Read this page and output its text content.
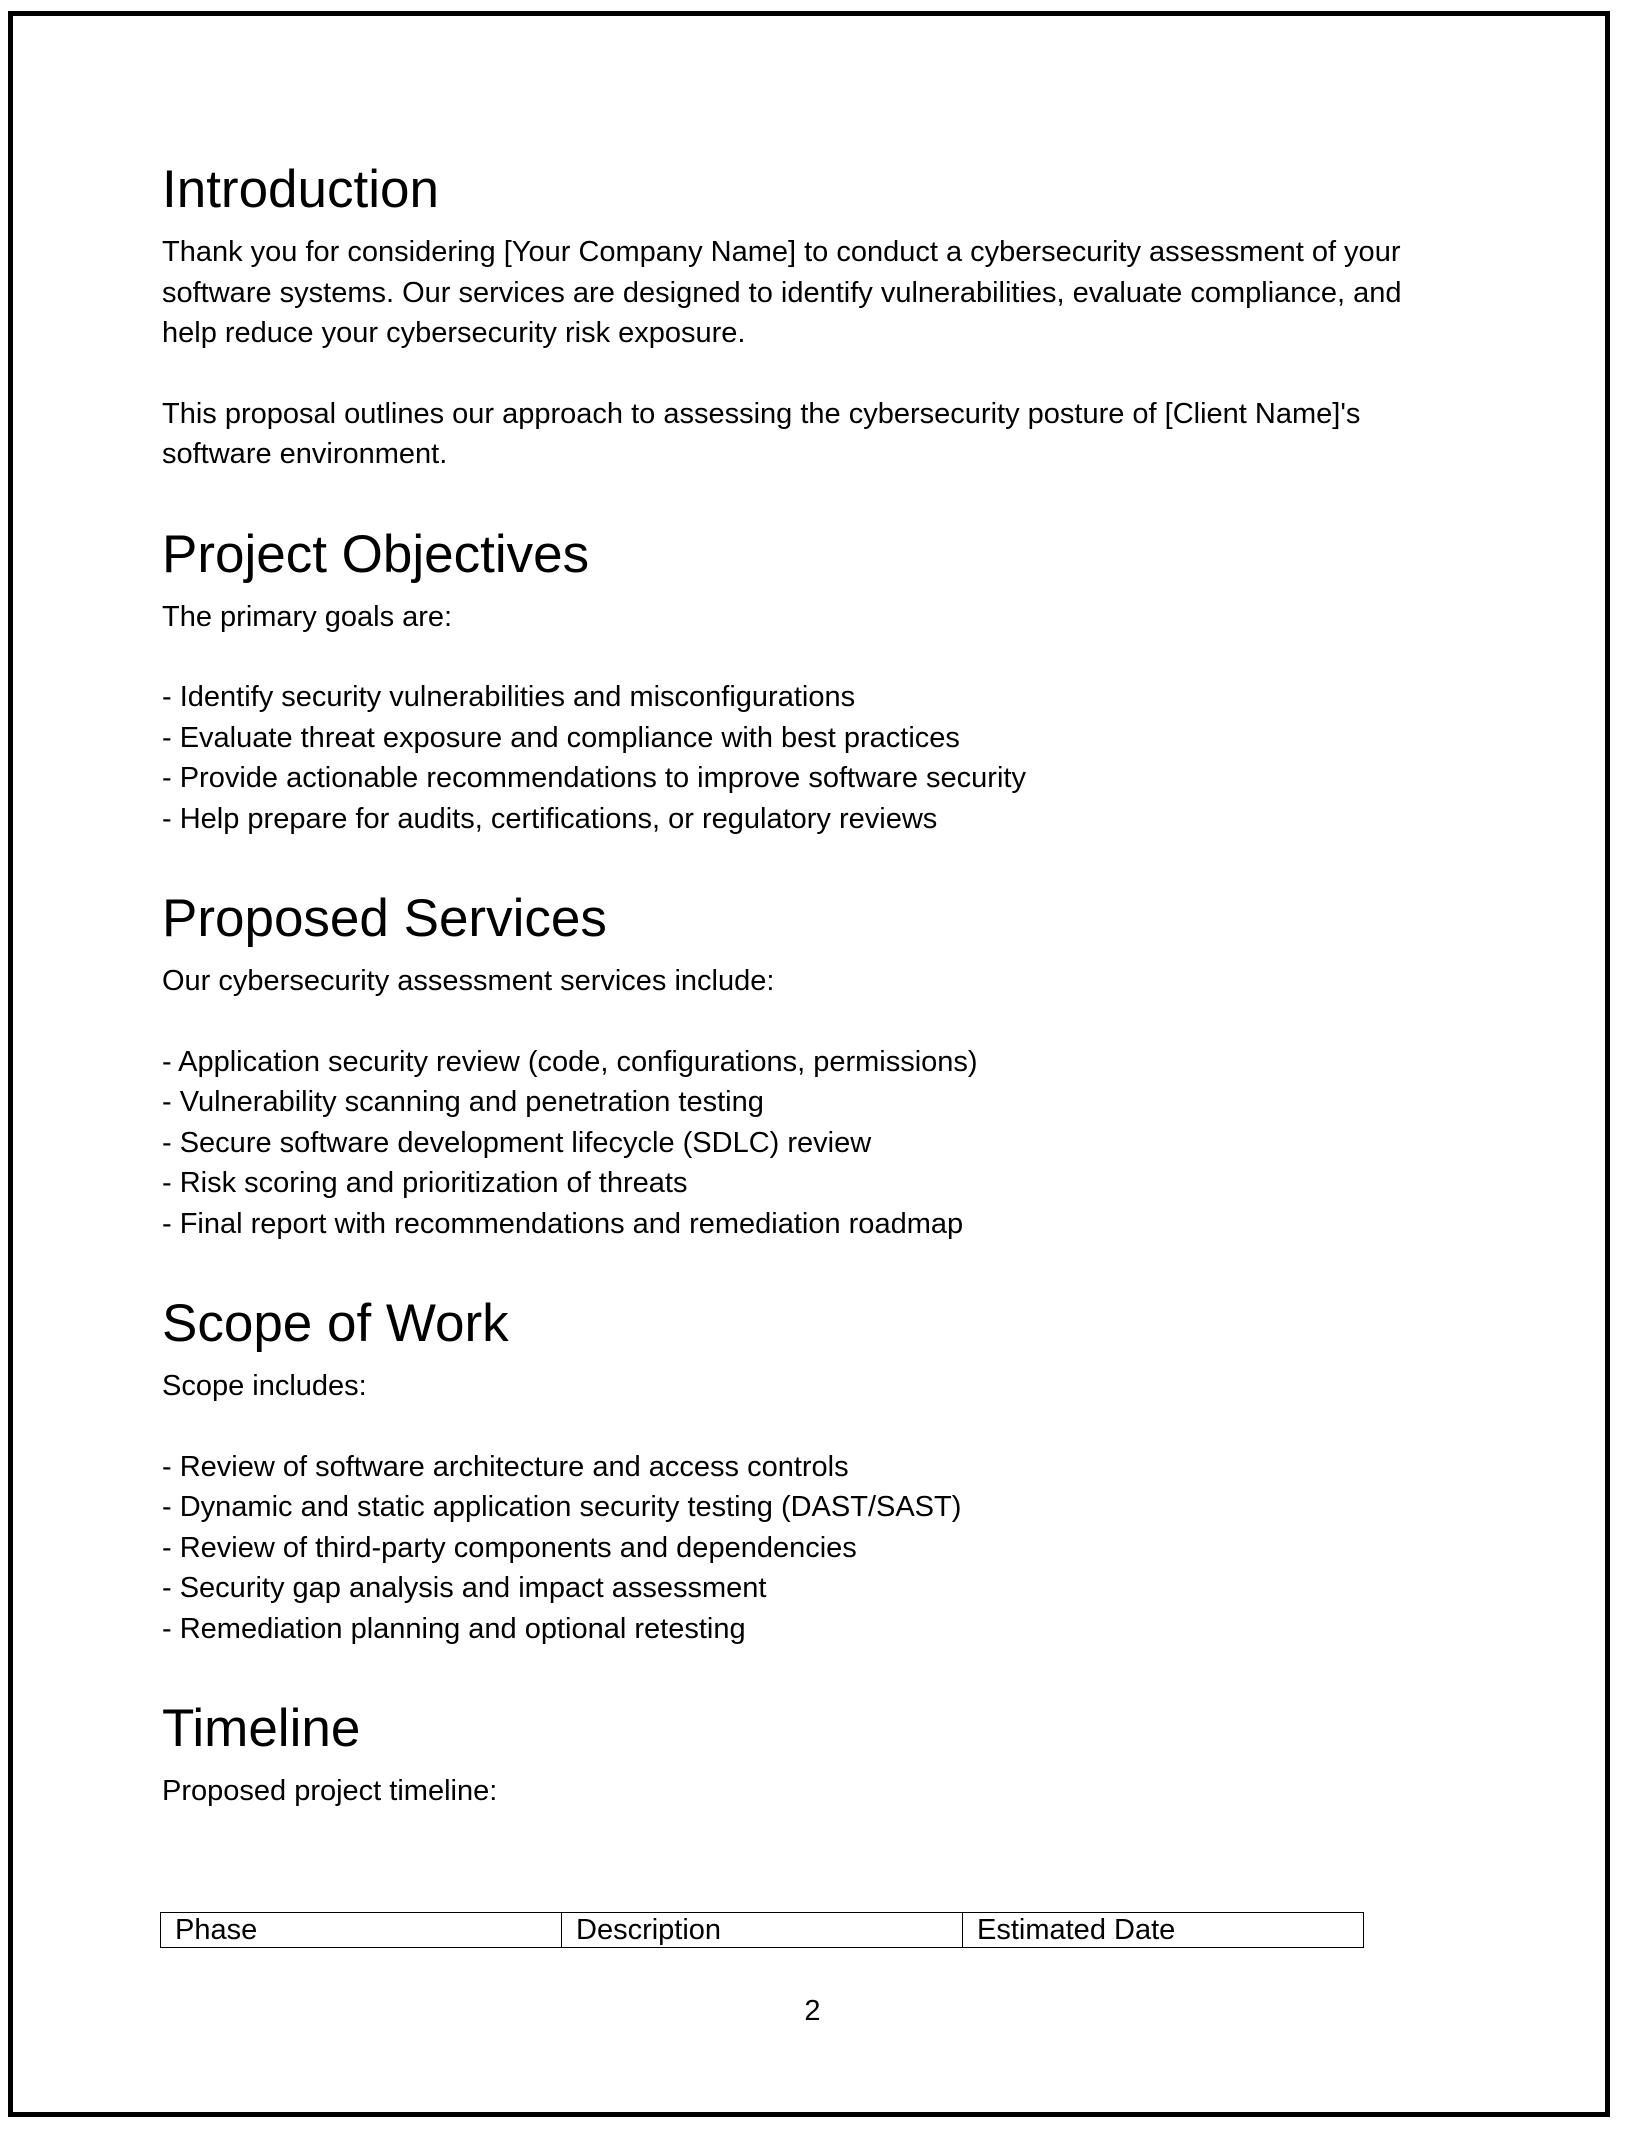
Introduction

Thank you for considering [Your Company Name] to conduct a cybersecurity assessment of your software systems. Our services are designed to identify vulnerabilities, evaluate compliance, and help reduce your cybersecurity risk exposure.

This proposal outlines our approach to assessing the cybersecurity posture of [Client Name]'s software environment.

Project Objectives

The primary goals are:

- Identify security vulnerabilities and misconfigurations
- Evaluate threat exposure and compliance with best practices
- Provide actionable recommendations to improve software security
- Help prepare for audits, certifications, or regulatory reviews
Proposed Services

Our cybersecurity assessment services include:

- Application security review (code, configurations, permissions)
- Vulnerability scanning and penetration testing
- Secure software development lifecycle (SDLC) review
- Risk scoring and prioritization of threats
- Final report with recommendations and remediation roadmap
Scope of Work

Scope includes:

- Review of software architecture and access controls
- Dynamic and static application security testing (DAST/SAST)
- Review of third-party components and dependencies
- Security gap analysis and impact assessment
- Remediation planning and optional retesting
Timeline

Proposed project timeline:

Phase	Description	Estimated Date
2
